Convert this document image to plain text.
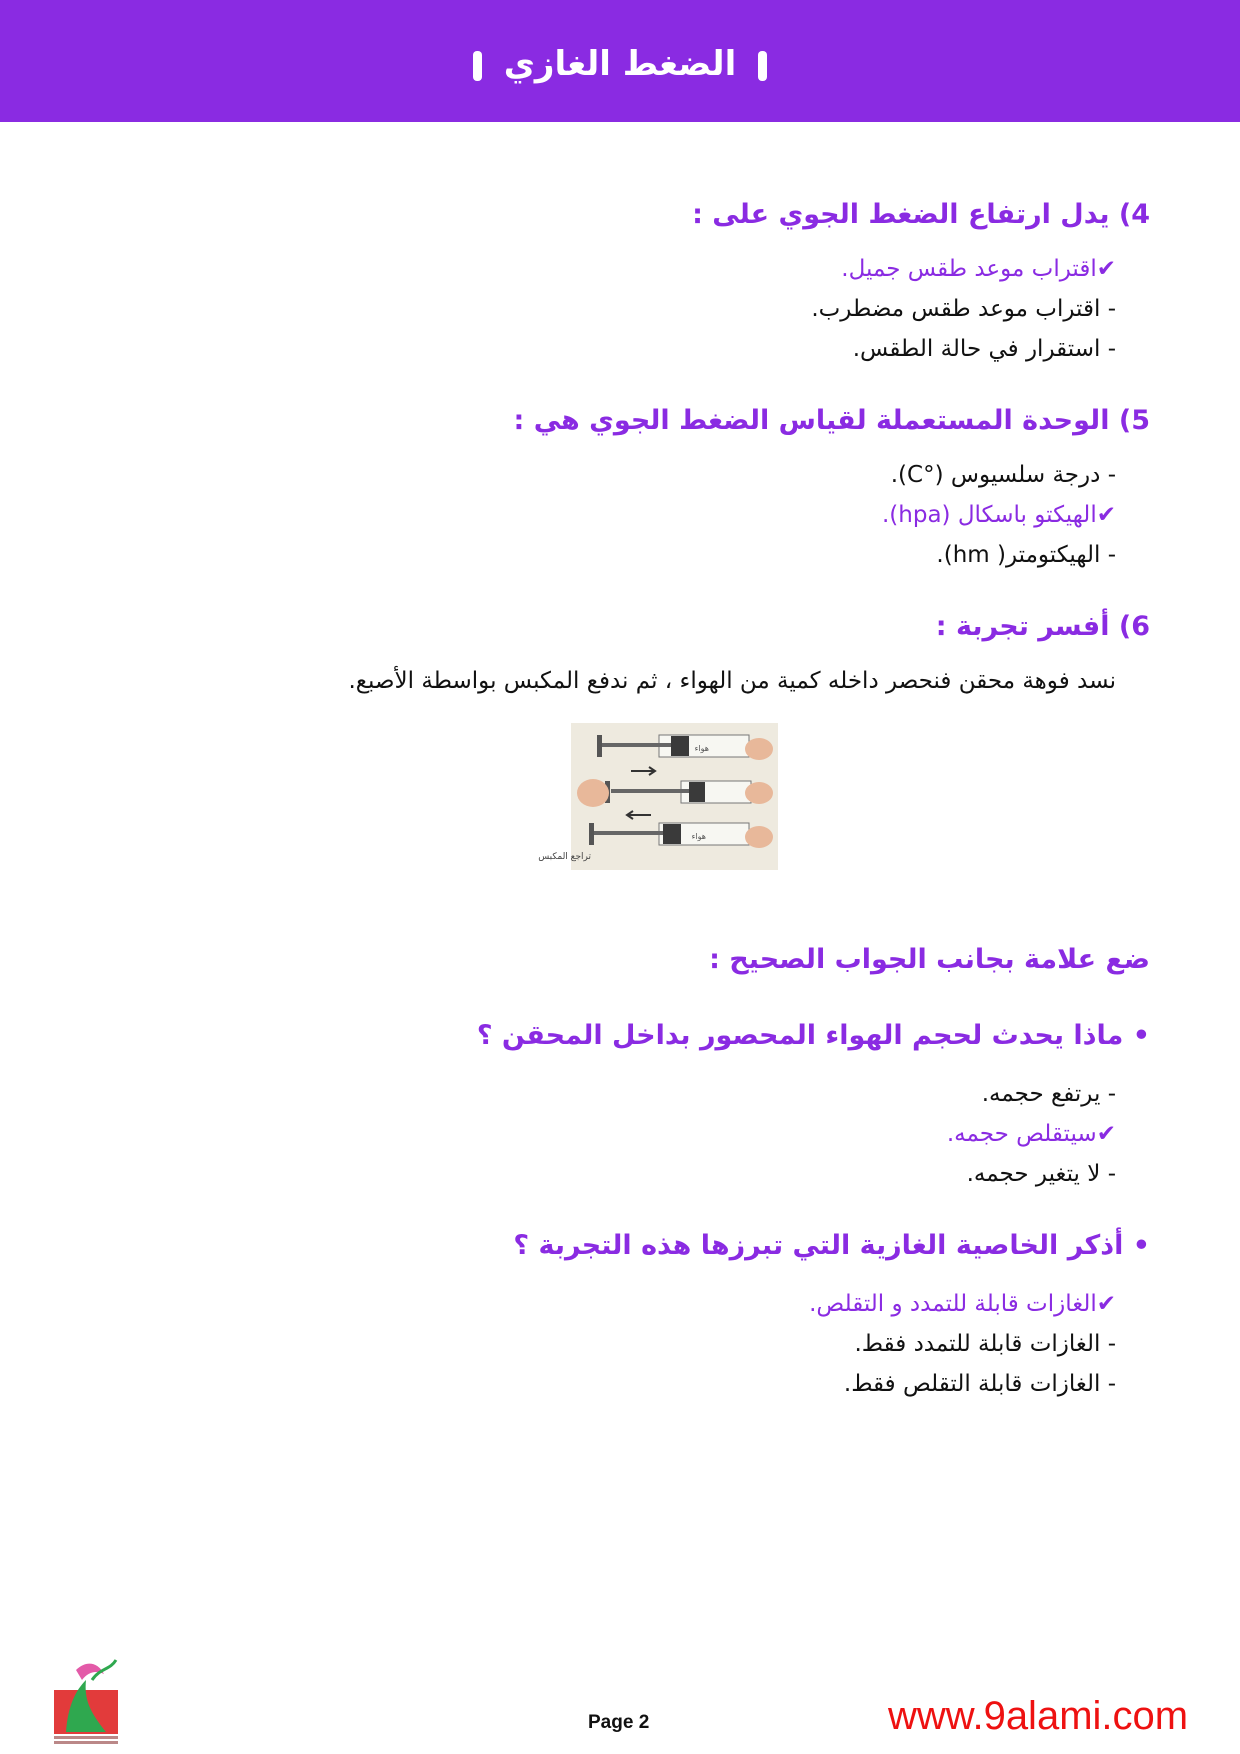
الضغط الغازي
4) يدل ارتفاع الضغط الجوي على :
✔اقتراب موعد طقس جميل.
- اقتراب موعد طقس مضطرب.
- استقرار في حالة الطقس.
5) الوحدة المستعملة لقياس الضغط الجوي هي :
- درجة سلسيوس (°C).
✔الهيكتو باسكال (hpa).
- الهيكتومتر( hm).
6) أفسر تجربة :
نسد فوهة محقن فنحصر داخله كمية من الهواء ، ثم ندفع المكبس بواسطة الأصبع.
هواء
هواء
تراجع المكبس
ضع علامة بجانب الجواب الصحيح :
• ماذا يحدث لحجم الهواء المحصور بداخل المحقن ؟
- يرتفع حجمه.
✔سيتقلص حجمه.
- لا يتغير حجمه.
• أذكر الخاصية الغازية التي تبرزها هذه التجربة ؟
✔الغازات قابلة للتمدد و التقلص.
- الغازات قابلة للتمدد فقط.
- الغازات قابلة التقلص فقط.
Page 2	www.9alami.com
